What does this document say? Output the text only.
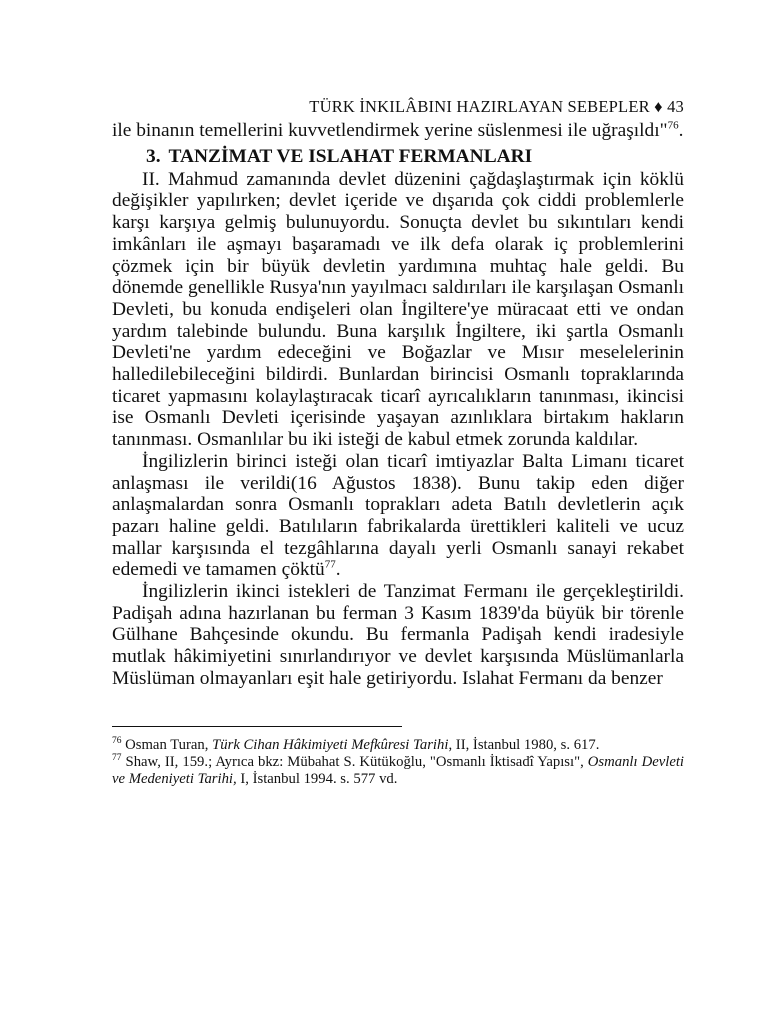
TÜRK İNKILÂBINI HAZIRLAYAN SEBEPLER ♦ 43

ile binanın temellerini kuvvetlendirmek yerine süslenmesi ile uğraşıldı"$^{76}$.

3. TANZİMAT VE ISLAHAT FERMANLARI

II. Mahmud zamanında devlet düzenini çağdaşlaştırmak için köklü değişikler yapılırken; devlet içeride ve dışarıda çok ciddi problemlerle karşı karşıya gelmiş bulunuyordu. Sonuçta devlet bu sıkıntıları kendi imkânları ile aşmayı başaramadı ve ilk defa olarak iç problemlerini çözmek için bir büyük devletin yardımına muhtaç hale geldi. Bu dönemde genellikle Rusya'nın yayılmacı saldırıları ile karşılaşan Osmanlı Devleti, bu konuda endişeleri olan İngiltere'ye müracaat etti ve ondan yardım talebinde bulundu. Buna karşılık İngiltere, iki şartla Osmanlı Devleti'ne yardım edeceğini ve Boğazlar ve Mısır meselelerinin halledilebileceğini bildirdi. Bunlardan birincisi Osmanlı topraklarında ticaret yapmasını kolaylaştıracak ticarî ayrıcalıkların tanınması, ikincisi ise Osmanlı Devleti içerisinde yaşayan azınlıklara birtakım hakların tanınması. Osmanlılar bu iki isteği de kabul etmek zorunda kaldılar.

İngilizlerin birinci isteği olan ticarî imtiyazlar Balta Limanı ticaret anlaşması ile verildi(16 Ağustos 1838). Bunu takip eden diğer anlaşmalardan sonra Osmanlı toprakları adeta Batılı devletlerin açık pazarı haline geldi. Batılıların fabrikalarda ürettikleri kaliteli ve ucuz mallar karşısında el tezgâhlarına dayalı yerli Osmanlı sanayi rekabet edemedi ve tamamen çöktü$^{77}$.

İngilizlerin ikinci istekleri de Tanzimat Fermanı ile gerçekleştirildi. Padişah adına hazırlanan bu ferman 3 Kasım 1839'da büyük bir törenle Gülhane Bahçesinde okundu. Bu fermanla Padişah kendi iradesiyle mutlak hâkimiyetini sınırlandırıyor ve devlet karşısında Müslümanlarla Müslüman olmayanları eşit hale getiriyordu. Islahat Fermanı da benzer

$^{76}$ Osman Turan, Türk Cihan Hâkimiyeti Mefkûresi Tarihi, II, İstanbul 1980, s. 617.

$^{77}$ Shaw, II, 159.; Ayrıca bkz: Mübahat S. Kütükoğlu, "Osmanlı İktisadî Yapısı", Osmanlı Devleti ve Medeniyeti Tarihi, I, İstanbul 1994. s. 577 vd.
